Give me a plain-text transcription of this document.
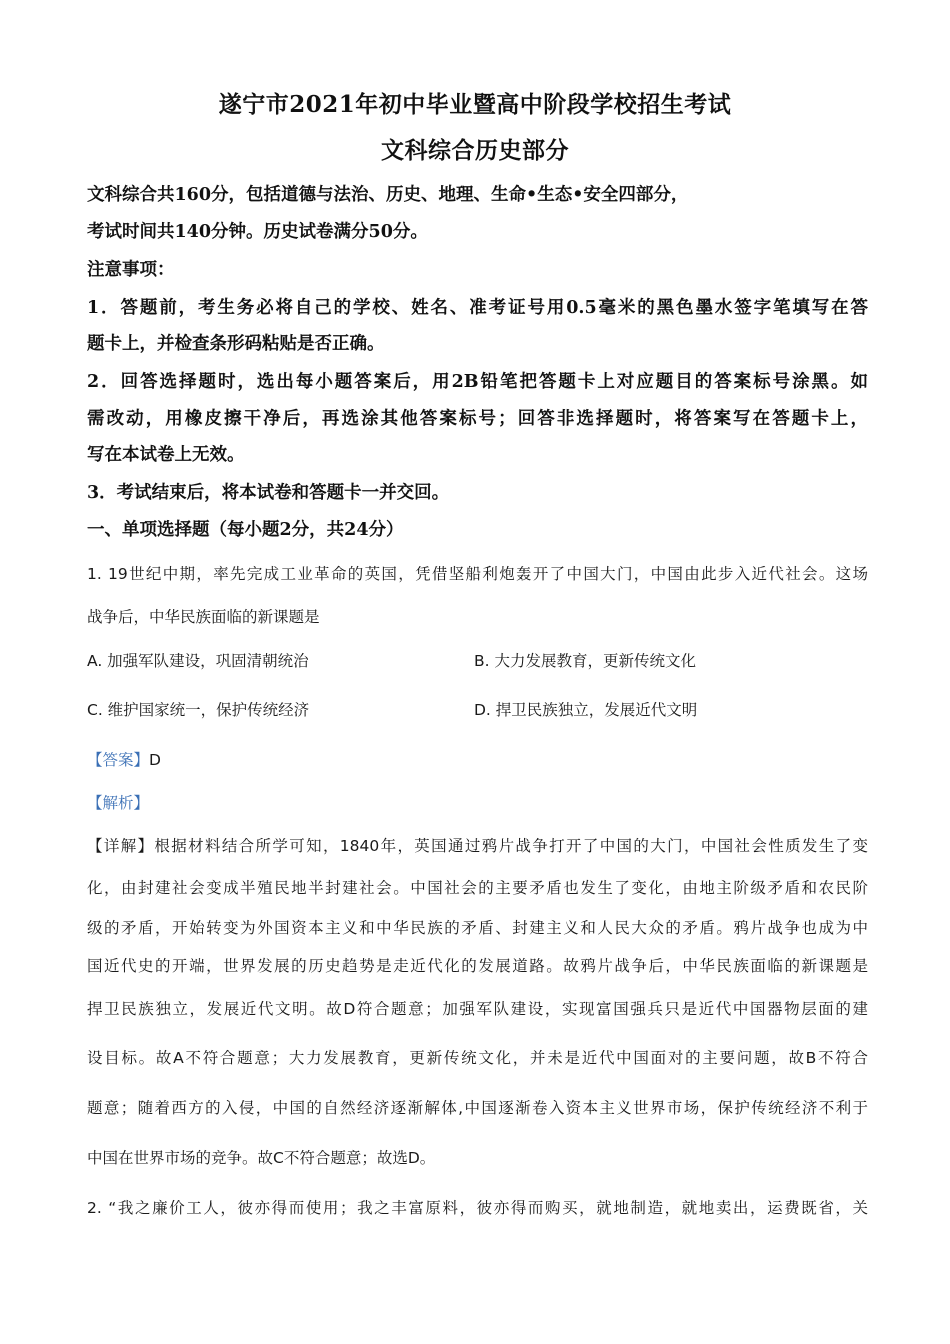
遂宁市2021年初中毕业暨高中阶段学校招生考试
文科综合历史部分
文科综合共160分，包括道德与法治、历史、地理、生命•生态•安全四部分，
考试时间共140分钟。历史试卷满分50分。
注意事项：
1．答题前，考生务必将自己的学校、姓名、准考证号用0.5毫米的黑色墨水签字笔填写在答
题卡上，并检查条形码粘贴是否正确。
2．回答选择题时，选出每小题答案后，用2B铅笔把答题卡上对应题目的答案标号涂黑。如
需改动，用橡皮擦干净后，再选涂其他答案标号；回答非选择题时，将答案写在答题卡上，
写在本试卷上无效。
3．考试结束后，将本试卷和答题卡一并交回。
一、单项选择题（每小题2分，共24分）
1. 19世纪中期，率先完成工业革命的英国，凭借坚船利炮轰开了中国大门，中国由此步入近代社会。这场
战争后，中华民族面临的新课题是
A. 加强军队建设，巩固清朝统治	B. 大力发展教育，更新传统文化
C. 维护国家统一，保护传统经济	D. 捍卫民族独立，发展近代文明
【答案】D
【解析】
【详解】根据材料结合所学可知，1840年，英国通过鸦片战争打开了中国的大门，中国社会性质发生了变
化，由封建社会变成半殖民地半封建社会。中国社会的主要矛盾也发生了变化，由地主阶级矛盾和农民阶
级的矛盾，开始转变为外国资本主义和中华民族的矛盾、封建主义和人民大众的矛盾。鸦片战争也成为中
国近代史的开端，世界发展的历史趋势是走近代化的发展道路。故鸦片战争后，中华民族面临的新课题是
捍卫民族独立，发展近代文明。故D符合题意；加强军队建设，实现富国强兵只是近代中国器物层面的建
设目标。故A不符合题意；大力发展教育，更新传统文化，并未是近代中国面对的主要问题，故B不符合
题意；随着西方的入侵，中国的自然经济逐渐解体,中国逐渐卷入资本主义世界市场，保护传统经济不利于
中国在世界市场的竞争。故C不符合题意；故选D。
2. “我之廉价工人，彼亦得而使用；我之丰富原料，彼亦得而购买，就地制造，就地卖出，运费既省，关
